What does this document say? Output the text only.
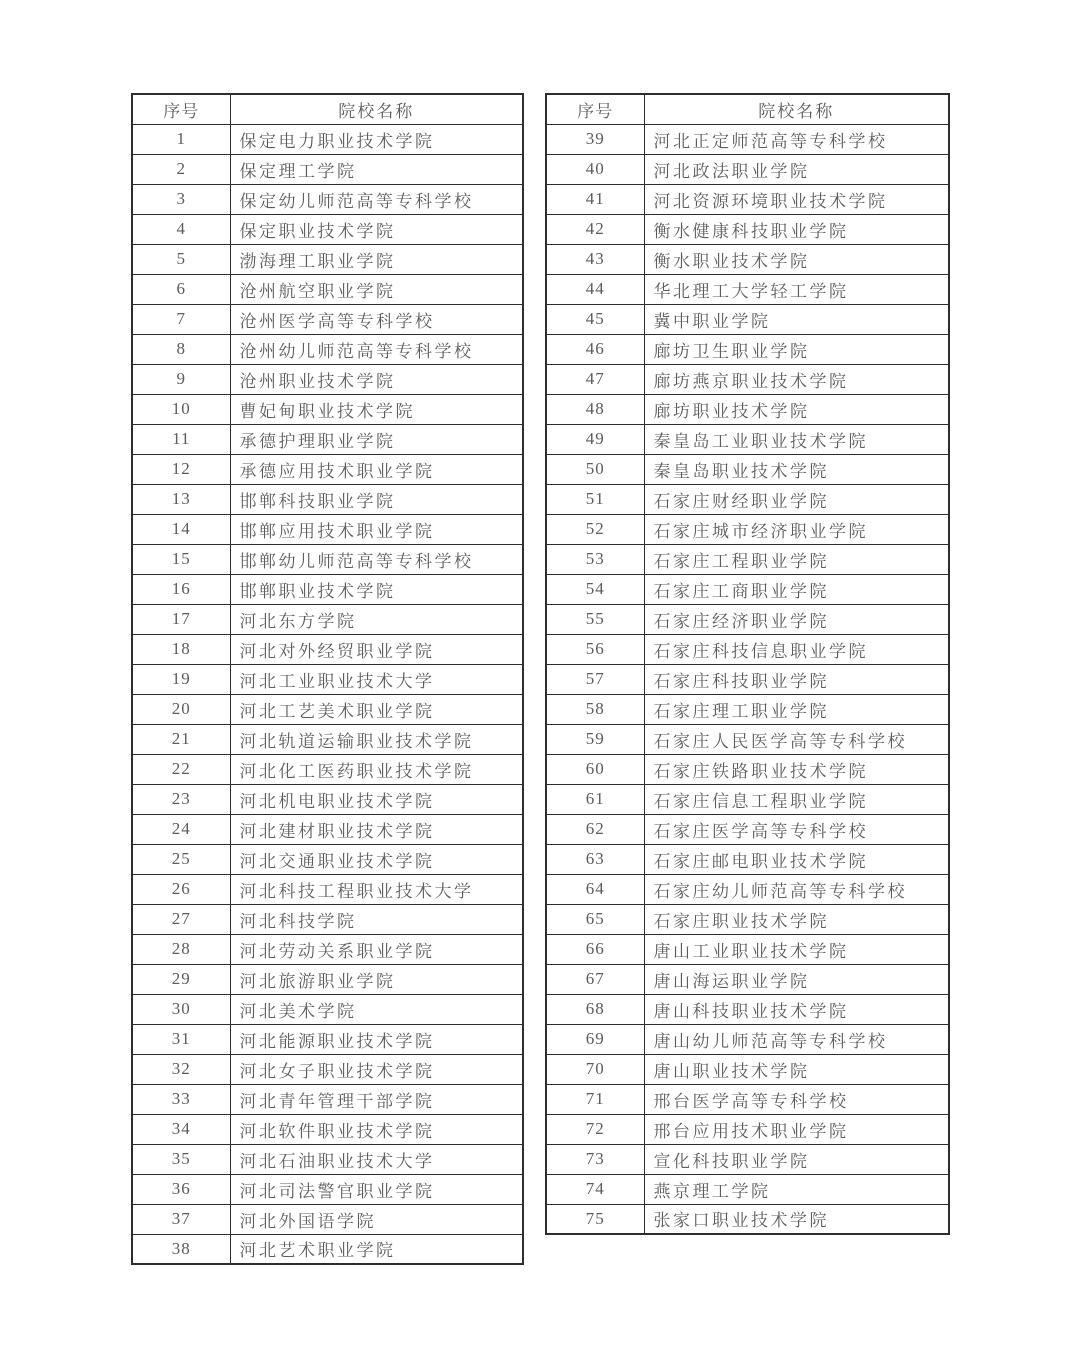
序号	院校名称
1	保定电力职业技术学院
2	保定理工学院
3	保定幼儿师范高等专科学校
4	保定职业技术学院
5	渤海理工职业学院
6	沧州航空职业学院
7	沧州医学高等专科学校
8	沧州幼儿师范高等专科学校
9	沧州职业技术学院
10	曹妃甸职业技术学院
11	承德护理职业学院
12	承德应用技术职业学院
13	邯郸科技职业学院
14	邯郸应用技术职业学院
15	邯郸幼儿师范高等专科学校
16	邯郸职业技术学院
17	河北东方学院
18	河北对外经贸职业学院
19	河北工业职业技术大学
20	河北工艺美术职业学院
21	河北轨道运输职业技术学院
22	河北化工医药职业技术学院
23	河北机电职业技术学院
24	河北建材职业技术学院
25	河北交通职业技术学院
26	河北科技工程职业技术大学
27	河北科技学院
28	河北劳动关系职业学院
29	河北旅游职业学院
30	河北美术学院
31	河北能源职业技术学院
32	河北女子职业技术学院
33	河北青年管理干部学院
34	河北软件职业技术学院
35	河北石油职业技术大学
36	河北司法警官职业学院
37	河北外国语学院
38	河北艺术职业学院
序号	院校名称
39	河北正定师范高等专科学校
40	河北政法职业学院
41	河北资源环境职业技术学院
42	衡水健康科技职业学院
43	衡水职业技术学院
44	华北理工大学轻工学院
45	冀中职业学院
46	廊坊卫生职业学院
47	廊坊燕京职业技术学院
48	廊坊职业技术学院
49	秦皇岛工业职业技术学院
50	秦皇岛职业技术学院
51	石家庄财经职业学院
52	石家庄城市经济职业学院
53	石家庄工程职业学院
54	石家庄工商职业学院
55	石家庄经济职业学院
56	石家庄科技信息职业学院
57	石家庄科技职业学院
58	石家庄理工职业学院
59	石家庄人民医学高等专科学校
60	石家庄铁路职业技术学院
61	石家庄信息工程职业学院
62	石家庄医学高等专科学校
63	石家庄邮电职业技术学院
64	石家庄幼儿师范高等专科学校
65	石家庄职业技术学院
66	唐山工业职业技术学院
67	唐山海运职业学院
68	唐山科技职业技术学院
69	唐山幼儿师范高等专科学校
70	唐山职业技术学院
71	邢台医学高等专科学校
72	邢台应用技术职业学院
73	宣化科技职业学院
74	燕京理工学院
75	张家口职业技术学院
